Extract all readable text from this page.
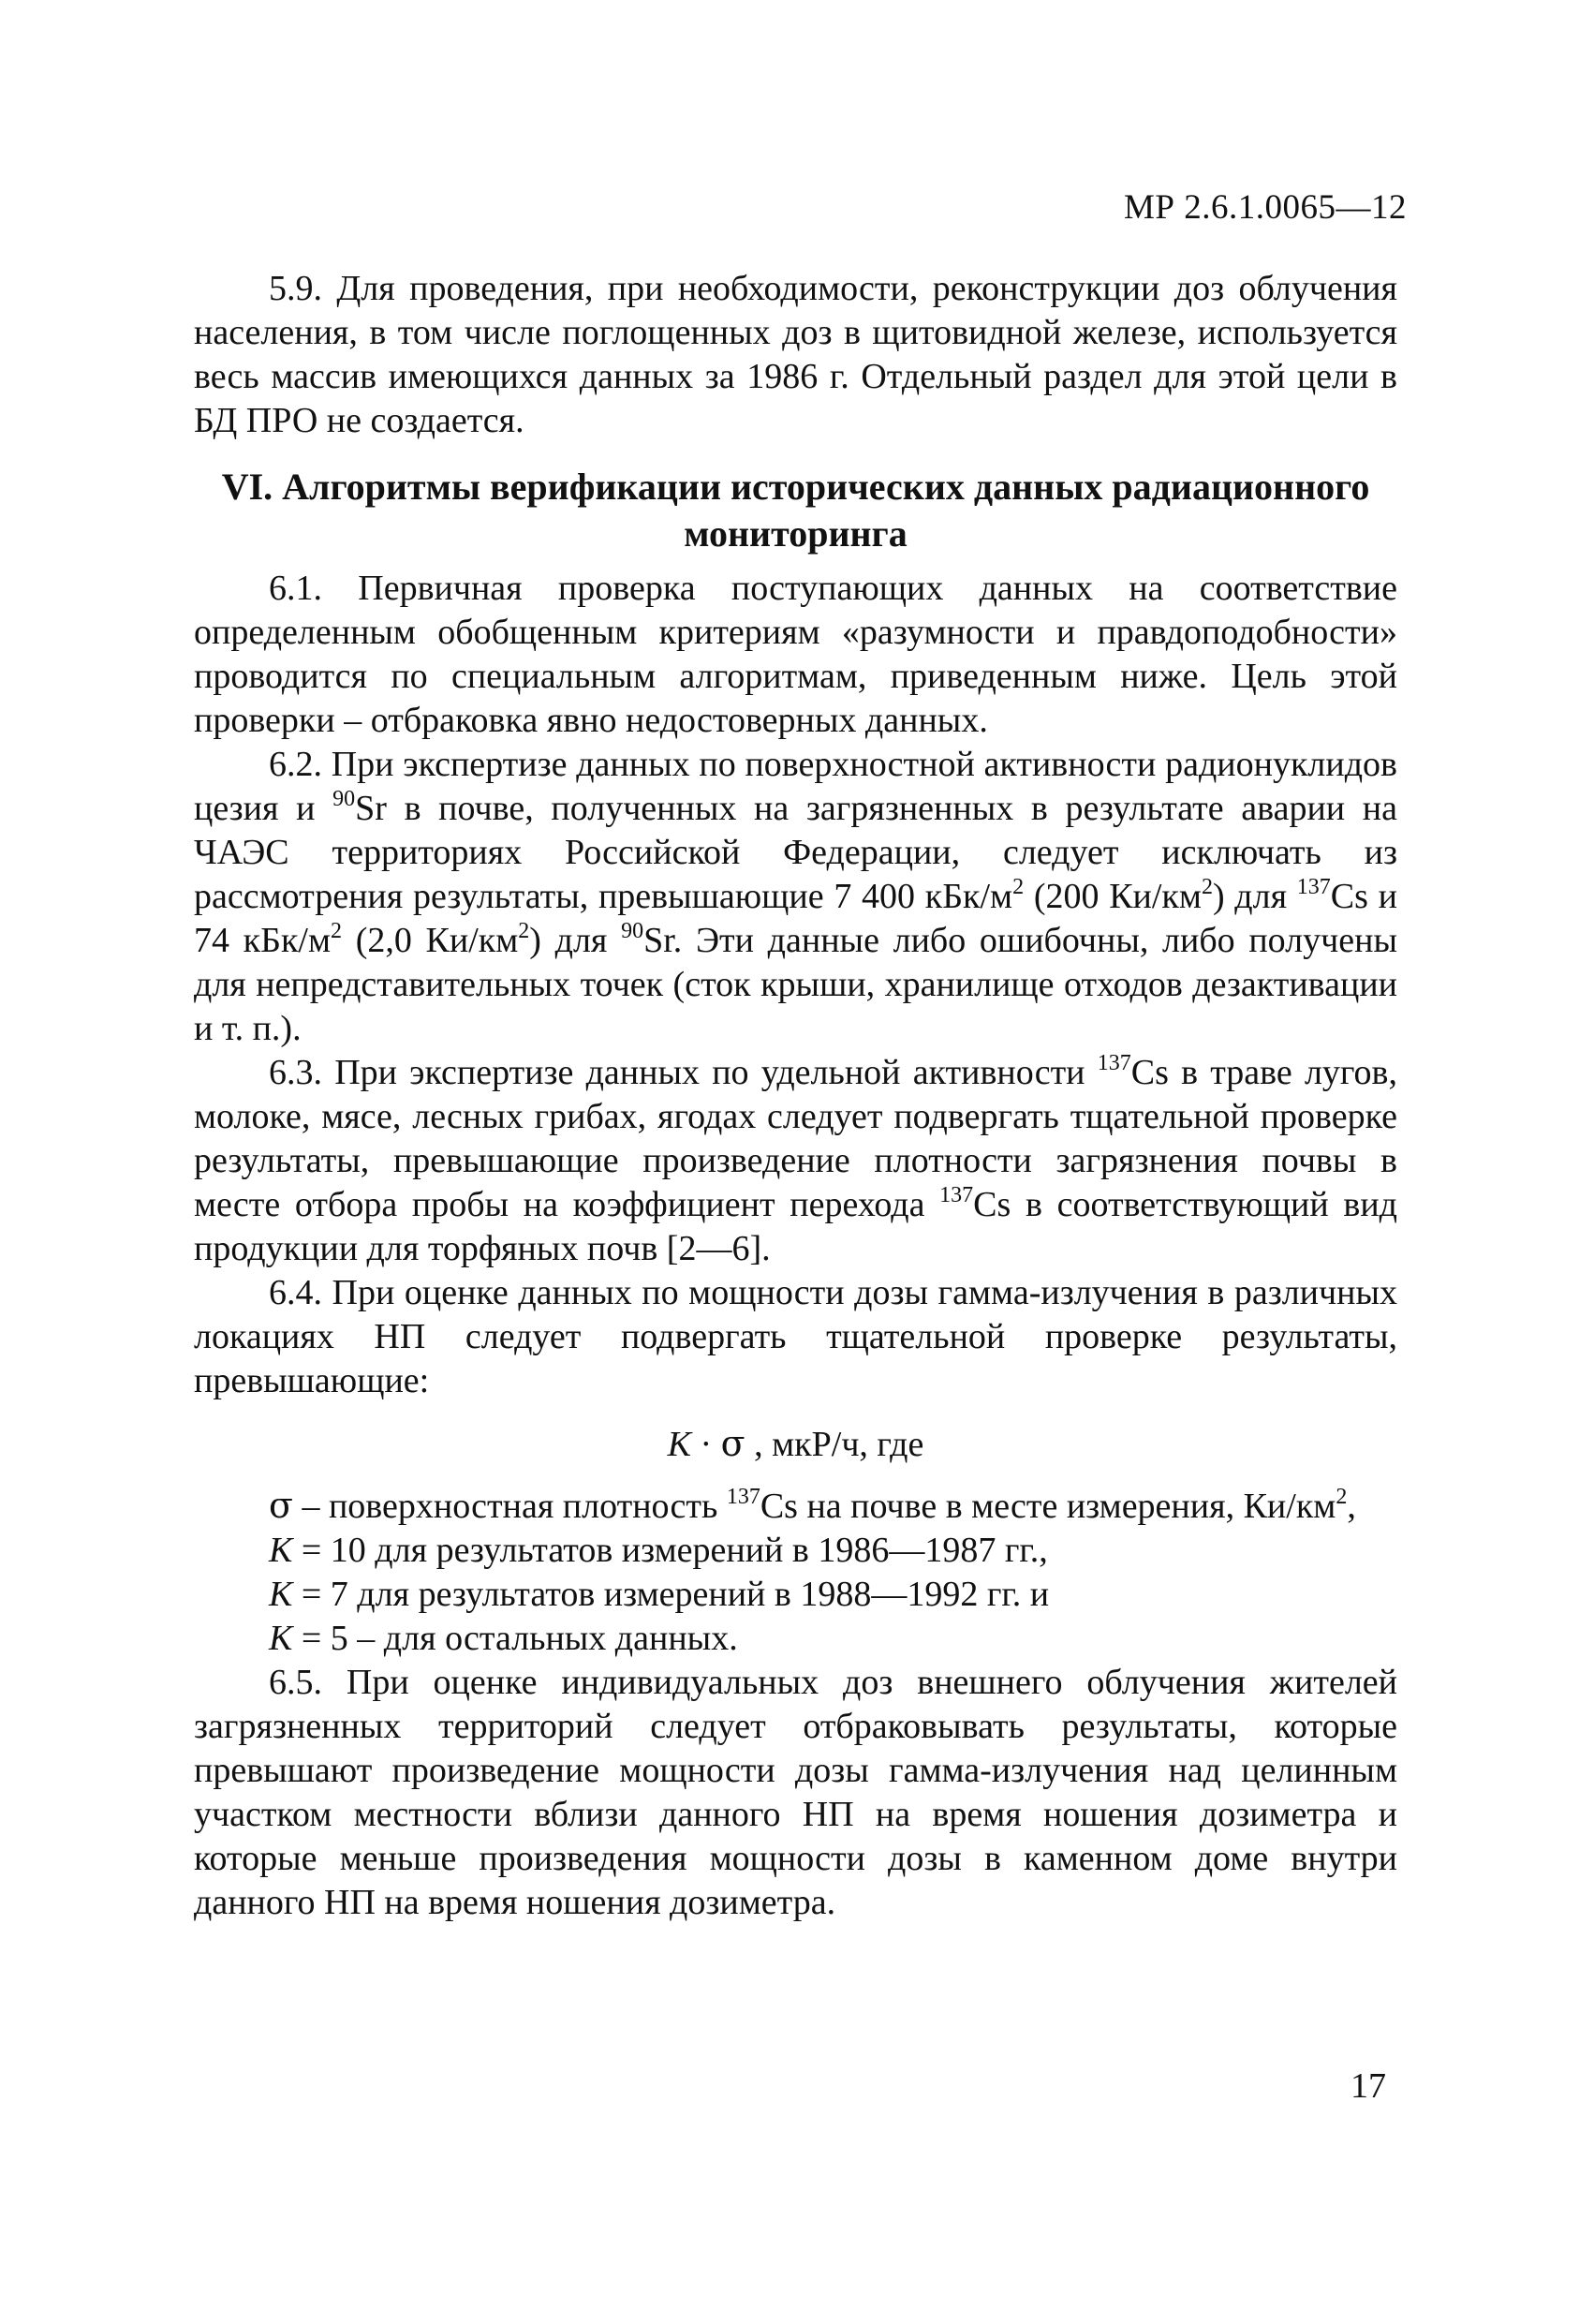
МР 2.6.1.0065—12

5.9. Для проведения, при необходимости, реконструкции доз облучения населения, в том числе поглощенных доз в щитовидной железе, используется весь массив имеющихся данных за 1986 г. Отдельный раздел для этой цели в БД ПРО не создается.

VI. Алгоритмы верификации исторических данных радиационного мониторинга

6.1. Первичная проверка поступающих данных на соответствие определенным обобщенным критериям «разумности и правдоподобности» проводится по специальным алгоритмам, приведенным ниже. Цель этой проверки – отбраковка явно недостоверных данных.

6.2. При экспертизе данных по поверхностной активности радионуклидов цезия и $^{90}$Sr в почве, полученных на загрязненных в результате аварии на ЧАЭС территориях Российской Федерации, следует исключать из рассмотрения результаты, превышающие 7 400 кБк/$м^2$ (200 $Ки/км^2$) для $^{137}$Cs и 74 кБк/$м^2$ (2,0 $Ки/км^2$) для $^{90}$Sr. Эти данные либо ошибочны, либо получены для непредставительных точек (сток крыши, хранилище отходов дезактивации и т. п.).

6.3. При экспертизе данных по удельной активности $^{137}$Cs в траве лугов, молоке, мясе, лесных грибах, ягодах следует подвергать тщательной проверке результаты, превышающие произведение плотности загрязнения почвы в месте отбора пробы на коэффициент перехода $^{137}$Cs в соответствующий вид продукции для торфяных почв [2—6].

6.4. При оценке данных по мощности дозы гамма-излучения в различных локациях НП следует подвергать тщательной проверке результаты, превышающие:

K · σ , мкР/ч, где

σ – поверхностная плотность $^{137}$Cs на почве в месте измерения, $Ки/км^2$,

K = 10 для результатов измерений в 1986—1987 гг.,

K = 7 для результатов измерений в 1988—1992 гг. и

K = 5 – для остальных данных.

6.5. При оценке индивидуальных доз внешнего облучения жителей загрязненных территорий следует отбраковывать результаты, которые превышают произведение мощности дозы гамма-излучения над целинным участком местности вблизи данного НП на время ношения дозиметра и которые меньше произведения мощности дозы в каменном доме внутри данного НП на время ношения дозиметра.

17
